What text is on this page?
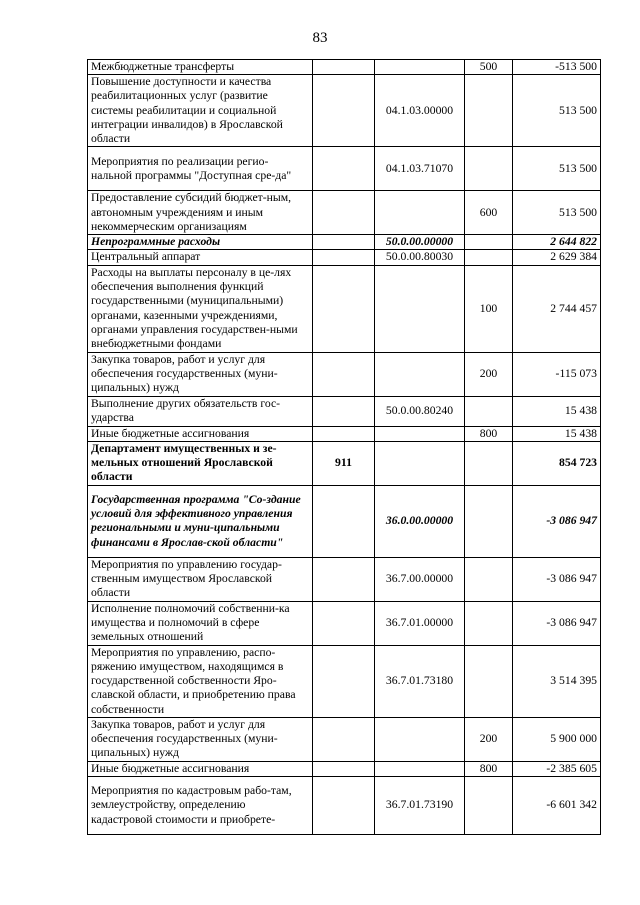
83
Межбюджетные трансферты			500	-513 500
Повышение доступности и качества реабилитационных услуг (развитие системы реабилитации и социальной интеграции инвалидов) в Ярославской области		04.1.03.00000		513 500
Мероприятия по реализации регио-нальной программы "Доступная сре-да"		04.1.03.71070		513 500
Предоставление субсидий бюджет-ным, автономным учреждениям и иным некоммерческим организациям			600	513 500
Непрограммные расходы		50.0.00.00000		2 644 822
Центральный аппарат		50.0.00.80030		2 629 384
Расходы на выплаты персоналу в це-лях обеспечения выполнения функций государственными (муниципальными) органами, казенными учреждениями, органами управления государствен-ными внебюджетными фондами			100	2 744 457
Закупка товаров, работ и услуг для обеспечения государственных (муни-ципальных) нужд			200	-115 073
Выполнение других обязательств гос-ударства		50.0.00.80240		15 438
Иные бюджетные ассигнования			800	15 438
Департамент имущественных и зе-мельных отношений Ярославской области	911			854 723
Государственная программа "Со-здание условий для эффективного управления региональными и муни-ципальными финансами в Ярослав-ской области"		36.0.00.00000		-3 086 947
Мероприятия по управлению государ-ственным имуществом Ярославской области		36.7.00.00000		-3 086 947
Исполнение полномочий собственни-ка имущества и полномочий в сфере земельных отношений		36.7.01.00000		-3 086 947
Мероприятия по управлению, распо-ряжению имуществом, находящимся в государственной собственности Яро-славской области, и приобретению права собственности		36.7.01.73180		3 514 395
Закупка товаров, работ и услуг для обеспечения государственных (муни-ципальных) нужд			200	5 900 000
Иные бюджетные ассигнования			800	-2 385 605
Мероприятия по кадастровым рабо-там, землеустройству, определению кадастровой стоимости и приобрете-		36.7.01.73190		-6 601 342
